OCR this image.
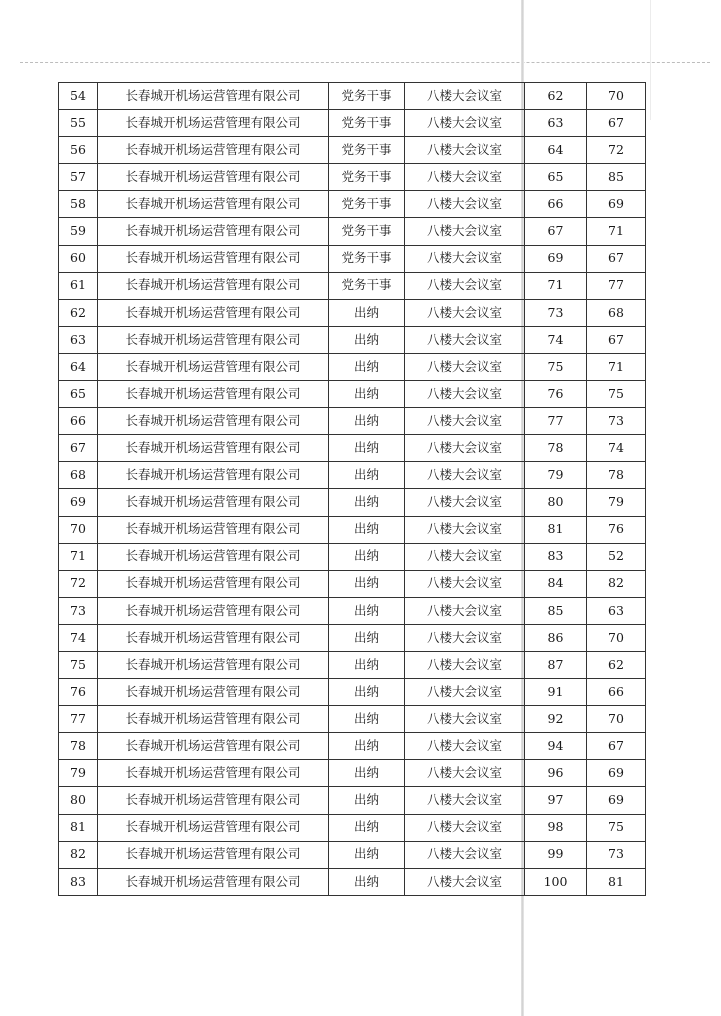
54	长春城开机场运营管理有限公司	党务干事	八楼大会议室	62	70
55	长春城开机场运营管理有限公司	党务干事	八楼大会议室	63	67
56	长春城开机场运营管理有限公司	党务干事	八楼大会议室	64	72
57	长春城开机场运营管理有限公司	党务干事	八楼大会议室	65	85
58	长春城开机场运营管理有限公司	党务干事	八楼大会议室	66	69
59	长春城开机场运营管理有限公司	党务干事	八楼大会议室	67	71
60	长春城开机场运营管理有限公司	党务干事	八楼大会议室	69	67
61	长春城开机场运营管理有限公司	党务干事	八楼大会议室	71	77
62	长春城开机场运营管理有限公司	出纳	八楼大会议室	73	68
63	长春城开机场运营管理有限公司	出纳	八楼大会议室	74	67
64	长春城开机场运营管理有限公司	出纳	八楼大会议室	75	71
65	长春城开机场运营管理有限公司	出纳	八楼大会议室	76	75
66	长春城开机场运营管理有限公司	出纳	八楼大会议室	77	73
67	长春城开机场运营管理有限公司	出纳	八楼大会议室	78	74
68	长春城开机场运营管理有限公司	出纳	八楼大会议室	79	78
69	长春城开机场运营管理有限公司	出纳	八楼大会议室	80	79
70	长春城开机场运营管理有限公司	出纳	八楼大会议室	81	76
71	长春城开机场运营管理有限公司	出纳	八楼大会议室	83	52
72	长春城开机场运营管理有限公司	出纳	八楼大会议室	84	82
73	长春城开机场运营管理有限公司	出纳	八楼大会议室	85	63
74	长春城开机场运营管理有限公司	出纳	八楼大会议室	86	70
75	长春城开机场运营管理有限公司	出纳	八楼大会议室	87	62
76	长春城开机场运营管理有限公司	出纳	八楼大会议室	91	66
77	长春城开机场运营管理有限公司	出纳	八楼大会议室	92	70
78	长春城开机场运营管理有限公司	出纳	八楼大会议室	94	67
79	长春城开机场运营管理有限公司	出纳	八楼大会议室	96	69
80	长春城开机场运营管理有限公司	出纳	八楼大会议室	97	69
81	长春城开机场运营管理有限公司	出纳	八楼大会议室	98	75
82	长春城开机场运营管理有限公司	出纳	八楼大会议室	99	73
83	长春城开机场运营管理有限公司	出纳	八楼大会议室	100	81
